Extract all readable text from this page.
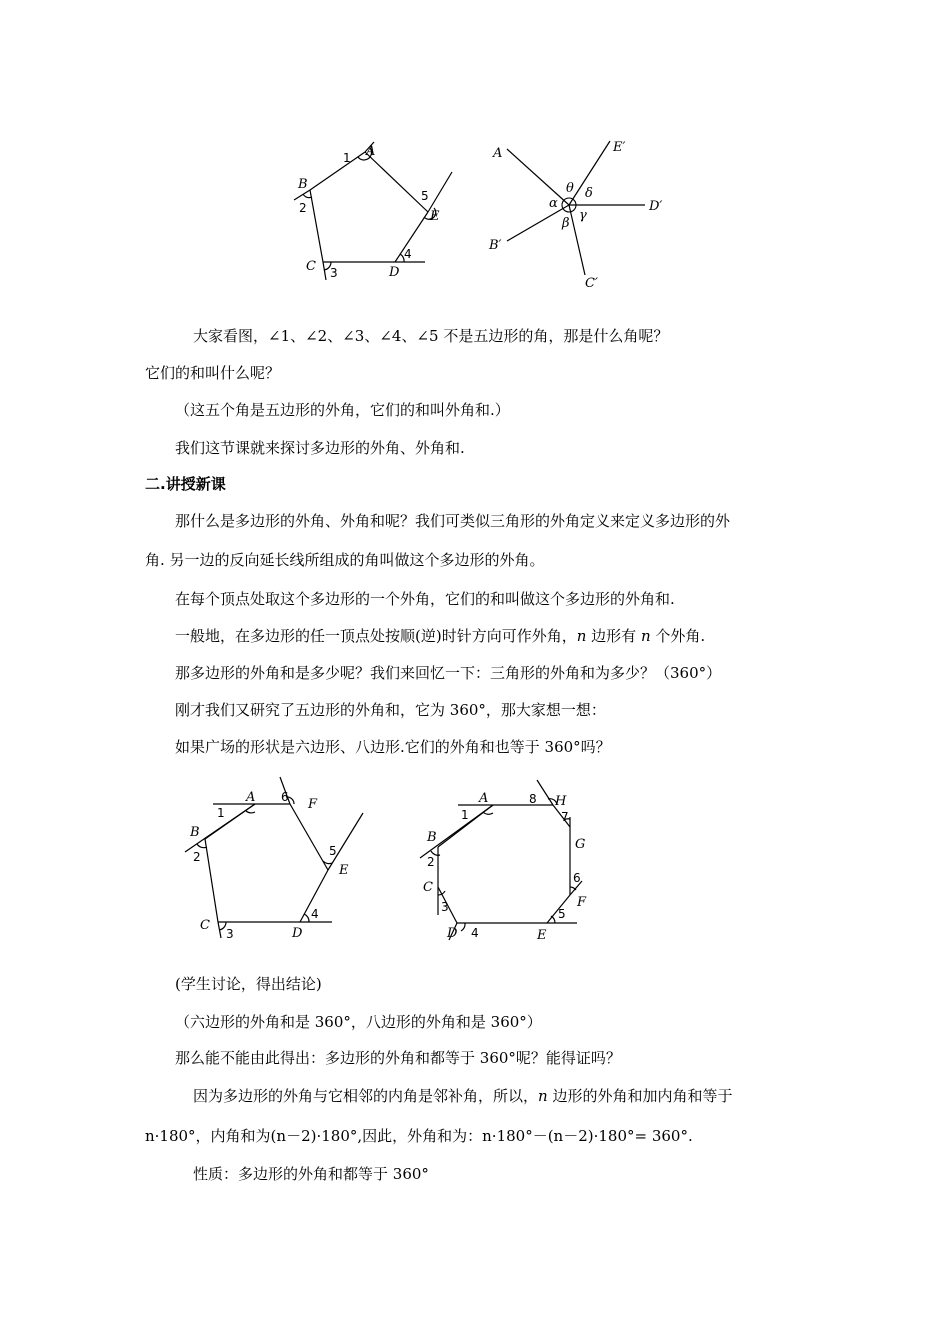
A
1
B
2
C 3	D
4
E
5
A	E′
D′
C′
B′
α
β
γ
δ
θ
大家看图，∠1、∠2、∠3、∠4、∠5 不是五边形的角，那是什么角呢？
它们的和叫什么呢？
（这五个角是五边形的外角，它们的和叫外角和.）
我们这节课就来探讨多边形的外角、外角和.
二.讲授新课
那什么是多边形的外角、外角和呢？我们可类似三角形的外角定义来定义多边形的外
角. 另一边的反向延长线所组成的角叫做这个多边形的外角。
在每个顶点处取这个多边形的一个外角，它们的和叫做这个多边形的外角和.
一般地，在多边形的任一顶点处按顺(逆)时针方向可作外角，n 边形有 n 个外角.
那多边形的外角和是多少呢？我们来回忆一下：三角形的外角和为多少？（360°）
刚才我们又研究了五边形的外角和，它为 360°，那大家想一想：
如果广场的形状是六边形、八边形.它们的外角和也等于 360°吗？
A
1
B
2
C
3	D
4
E
5
F
6	A
1
B
2
C
3
D 4	E
5
F
6
G
7
H
8
(学生讨论，得出结论)
（六边形的外角和是 360°，八边形的外角和是 360°）
那么能不能由此得出：多边形的外角和都等于 360°呢？能得证吗？
因为多边形的外角与它相邻的内角是邻补角，所以，n 边形的外角和加内角和等于
n·180°，内角和为(n－2)·180°,因此，外角和为：n·180°－(n－2)·180°= 360°.
性质：多边形的外角和都等于 360°
